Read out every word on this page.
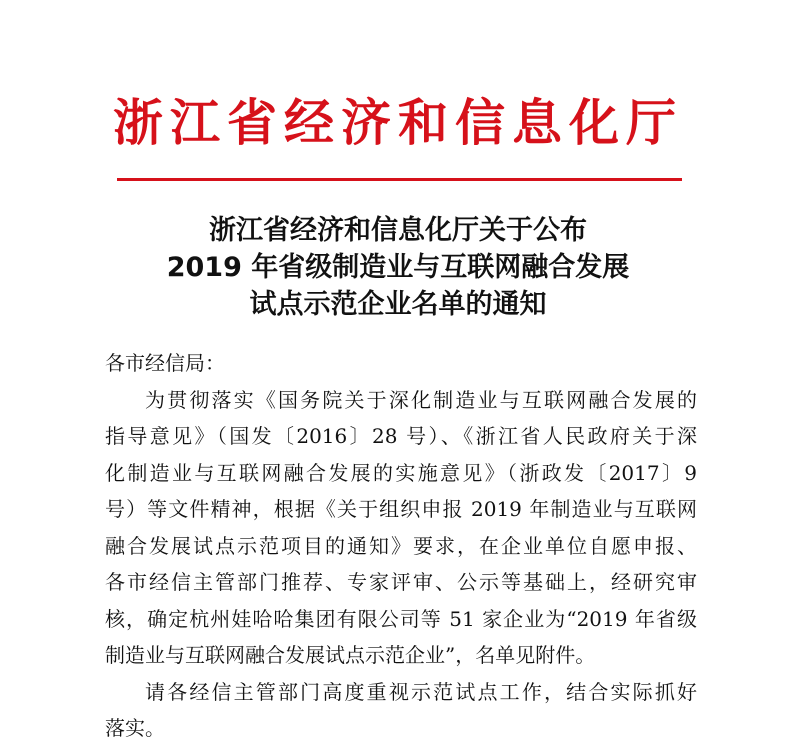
浙江省经济和信息化厅
浙江省经济和信息化厅关于公布
2019 年省级制造业与互联网融合发展
试点示范企业名单的通知
各市经信局：
为贯彻落实《国务院关于深化制造业与互联网融合发展的
指导意见》（国发〔2016〕28 号）、《浙江省人民政府关于深
化制造业与互联网融合发展的实施意见》（浙政发〔2017〕9
号）等文件精神，根据《关于组织申报 2019 年制造业与互联网
融合发展试点示范项目的通知》要求，在企业单位自愿申报、
各市经信主管部门推荐、专家评审、公示等基础上，经研究审
核，确定杭州娃哈哈集团有限公司等 51 家企业为“2019 年省级
制造业与互联网融合发展试点示范企业”，名单见附件。
请各经信主管部门高度重视示范试点工作，结合实际抓好
落实。
